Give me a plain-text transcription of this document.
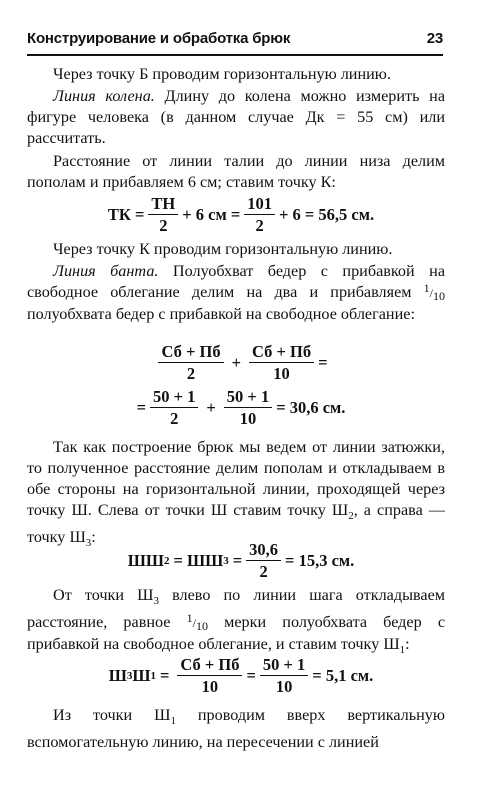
Конструирование и обработка брюк	23

Через точку Б проводим горизонтальную линию.

Линия колена. Длину до колена можно измерить на фигуре человека (в данном случае Дк = 55 см) или рассчитать.

Расстояние от линии талии до линии низа делим пополам и прибавляем 6 см; ставим точку К:

ТК = $\frac{ТН}{2} + 6$ см = $\frac{101}{2} + 6 = 56,5$ см.

Через точку К проводим горизонтальную линию.

Линия банта. Полуобхват бедер с прибавкой на свободное облегание делим на два и прибавляем 1/10 полуобхвата бедер с прибавкой на свободное облегание:

$\frac{Сб + Пб}{2} + \frac{Сб + Пб}{10}$ =
= $\frac{50 + 1}{2} + \frac{50 + 1}{10} = 30,6$ см.

Так как построение брюк мы ведем от линии затюжки, то полученное расстояние делим пополам и откладываем в обе стороны на горизонтальной линии, проходящей через точку Ш. Слева от точки Ш ставим точку $Ш_2$, а справа — точку $Ш_3$:

ШШ 2 = ШШ $3 = \frac{30,6}{2} = 15,3$ см.

От точки $Ш_3$ влево по линии шага откладываем расстояние, равное 1/10 мерки полуобхвата бедер с прибавкой на свободное облегание, и ставим точку $Ш_1$:

Ш 3 Ш $1 = \frac{Сб + Пб}{10} = \frac{50 + 1}{10} = 5,1$ см.

Из точки $Ш_1$ проводим вверх вертикальную вспомогательную линию, на пересечении с линией
